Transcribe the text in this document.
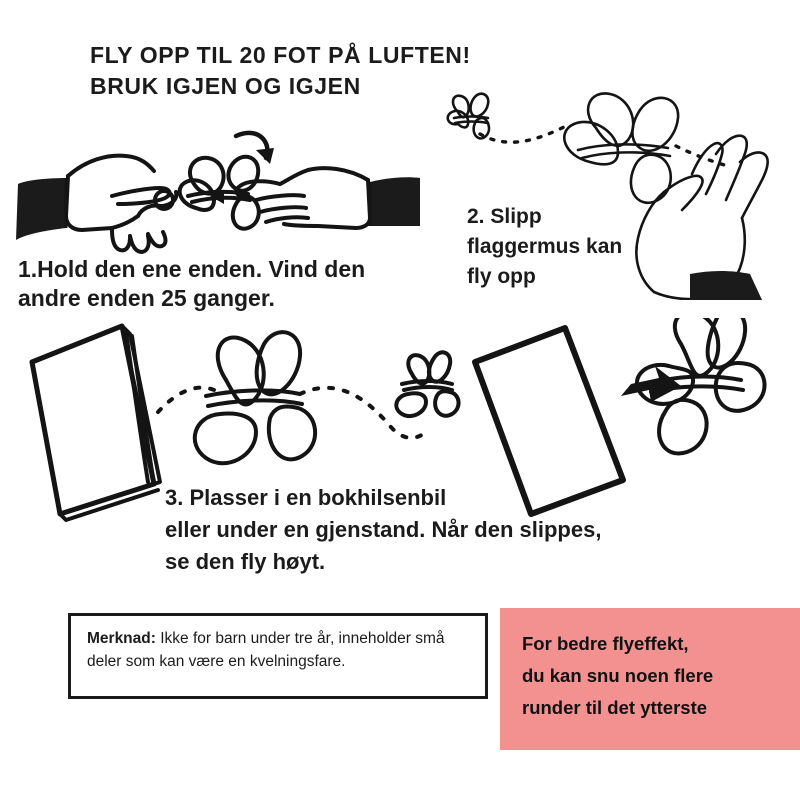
FLY OPP TIL 20 FOT PÅ LUFTEN!
BRUK IGJEN OG IGJEN

1.Hold den ene enden. Vind den

andre enden 25 ganger.

2. Slipp

flaggermus kan

fly opp

3. Plasser i en bokhilsenbil

eller under en gjenstand. Når den slippes,

se den fly høyt.

Merknad: Ikke for barn under tre år, inneholder små deler som kan være en kvelningsfare.
For bedre flyeffekt,
du kan snu noen flere
runder til det ytterste
